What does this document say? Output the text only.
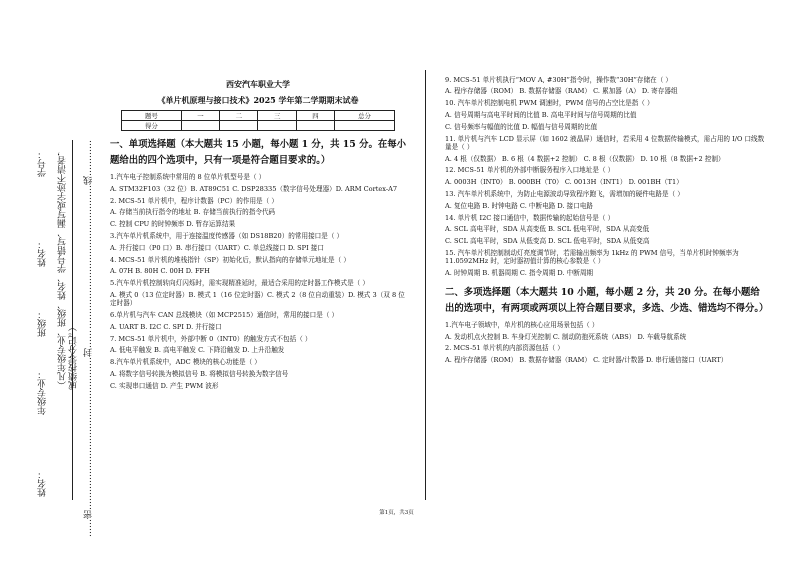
学号： （凡年级专业、班级、姓名、学号错写、漏写或字迹不清者，成绩按零分记。）
…………………………………………线…………
姓名：
班级：
年级专业：	……密……………………………………………封……
姓名：
西安汽车职业大学
《单片机原理与接口技术》2025 学年第二学期期末试卷
题号	一	二	三	四	总分
得分					
一、单项选择题（本大题共 15 小题，每小题 1 分，共 15 分。在每小题给出的四个选项中，只有一项是符合题目要求的。）
1.汽车电子控制系统中常用的 8 位单片机型号是（ ）
A. STM32F103（32 位）B. AT89C51 C. DSP28335（数字信号处理器）D. ARM Cortex-A7
2. MCS-51 单片机中，程序计数器（PC）的作用是（ ）
A. 存储当前执行指令的地址 B. 存储当前执行的指令代码
C. 控制 CPU 的时钟频率 D. 暂存运算结果
3.汽车单片机系统中，用于连接温度传感器（如 DS18B20）的常用接口是（ ）
A. 并行接口（P0 口）B. 串行接口（UART）C. 单总线接口 D. SPI 接口
4. MCS-51 单片机的堆栈指针（SP）初始化后，默认指向的存储单元地址是（ ）
A. 07H B. 80H C. 00H D. FFH
5.汽车单片机控制转向灯闪烁时，需实现精准延时，最适合采用的定时器工作模式是（ ）
A. 模式 0（13 位定时器）B. 模式 1（16 位定时器）C. 模式 2（8 位自动重装）D. 模式 3（双 8 位定时器）
6.单片机与汽车 CAN 总线模块（如 MCP2515）通信时，常用的接口是（ ）
A. UART B. I2C C. SPI D. 并行接口
7. MCS-51 单片机中，外部中断 0（INT0）的触发方式不包括（ ）
A. 低电平触发 B. 高电平触发 C. 下降沿触发 D. 上升沿触发
8.汽车单片机系统中，ADC 模块的核心功能是（ ）
A. 将数字信号转换为模拟信号 B. 将模拟信号转换为数字信号
C. 实现串口通信 D. 产生 PWM 波形
9. MCS-51 单片机执行“MOV A, #30H”指令时，操作数“30H”存储在（ ）
A. 程序存储器（ROM） B. 数据存储器（RAM） C. 累加器（A） D. 寄存器组
10. 汽车单片机控制电机 PWM 调速时，PWM 信号的占空比是指（ ）
A. 信号周期与高电平时间的比值 B. 高电平时间与信号周期的比值
C. 信号频率与幅值的比值 D. 幅值与信号周期的比值
11. 单片机与汽车 LCD 显示屏（如 1602 液晶屏）通信时，若采用 4 位数据传输模式，需占用的 I/O 口线数量是（ ）
A. 4 根（仅数据） B. 6 根（4 数据+2 控制） C. 8 根（仅数据） D. 10 根（8 数据+2 控制）
12. MCS-51 单片机的外部中断服务程序入口地址是（ ）
A. 0003H（INT0） B. 000BH（T0） C. 0013H（INT1） D. 001BH（T1）
13. 汽车单片机系统中，为防止电源波动导致程序跑飞，需增加的硬件电路是（ ）
A. 复位电路 B. 时钟电路 C. 中断电路 D. 接口电路
14. 单片机 I2C 接口通信中，数据传输的起始信号是（ ）
A. SCL 高电平时，SDA 从高变低 B. SCL 低电平时，SDA 从高变低
C. SCL 高电平时，SDA 从低变高 D. SCL 低电平时，SDA 从低变高
15. 汽车单片机控制制动灯亮度调节时，若需输出频率为 1kHz 的 PWM 信号，当单片机时钟频率为 11.0592MHz 时，定时器初值计算的核心参数是（ ）
A. 时钟周期 B. 机器周期 C. 指令周期 D. 中断周期
二、多项选择题（本大题共 10 小题，每小题 2 分，共 20 分。在每小题给出的选项中，有两项或两项以上符合题目要求，多选、少选、错选均不得分。）
1.汽车电子领域中，单片机的核心应用场景包括（ ）
A. 发动机点火控制 B. 车身灯光控制 C. 制动防抱死系统（ABS） D. 车载导航系统
2. MCS-51 单片机的内部资源包括（ ）
A. 程序存储器（ROM） B. 数据存储器（RAM） C. 定时器/计数器 D. 串行通信接口（UART）
第1页，共3页
